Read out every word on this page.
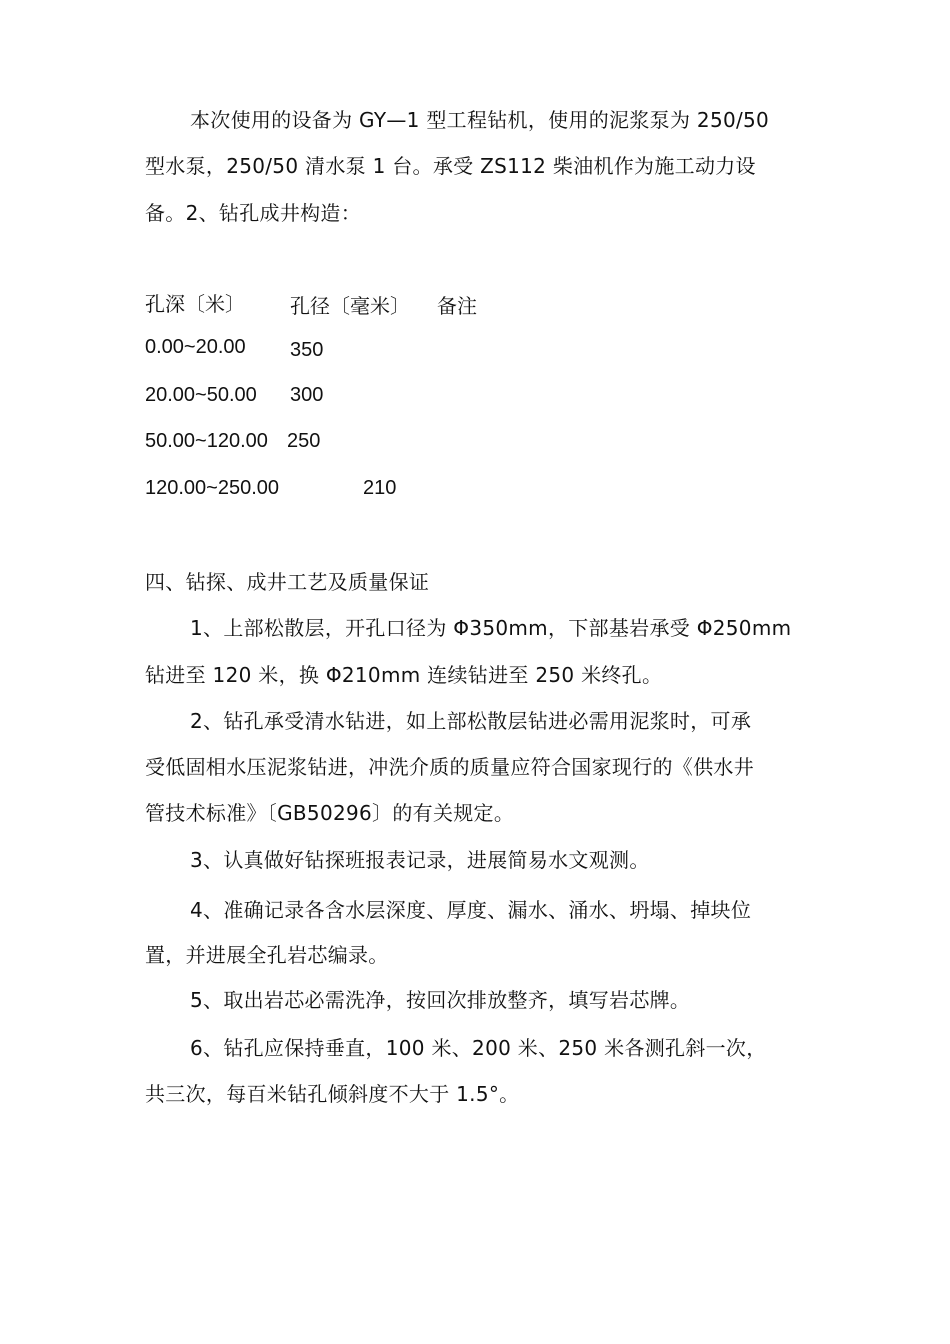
本次使用的设备为 GY—1 型工程钻机，使用的泥浆泵为 250/50
型水泵，250/50 清水泵 1 台。承受 ZS112 柴油机作为施工动力设
备。2、钻孔成井构造：
孔深〔米〕 孔径〔毫米〕 备注
0.00~20.00 350
20.00~50.00 300
50.00~120.00 250
120.00~250.00	210
四、钻探、成井工艺及质量保证
1、上部松散层，开孔口径为 Φ350mm，下部基岩承受 Φ250mm
钻进至 120 米，换 Φ210mm 连续钻进至 250 米终孔。
2、钻孔承受清水钻进，如上部松散层钻进必需用泥浆时，可承
受低固相水压泥浆钻进，冲洗介质的质量应符合国家现行的《供水井
管技术标准》〔GB50296〕的有关规定。
3、认真做好钻探班报表记录，进展简易水文观测。
4、准确记录各含水层深度、厚度、漏水、涌水、坍塌、掉块位
置，并进展全孔岩芯编录。
5、取出岩芯必需洗净，按回次排放整齐，填写岩芯牌。
6、钻孔应保持垂直，100 米、200 米、250 米各测孔斜一次，
共三次，每百米钻孔倾斜度不大于 1.5°。
